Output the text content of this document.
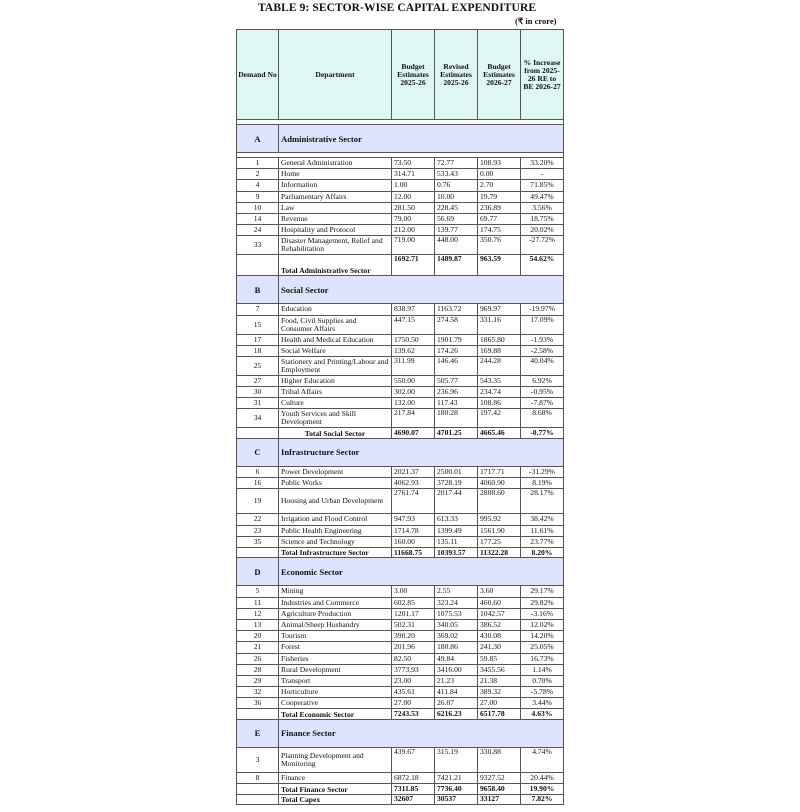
TABLE 9: SECTOR-WISE CAPITAL EXPENDITURE
(₹ in crore)
Demand No	Department	Budget Estimates 2025-26	Revised Estimates 2025-26	Budget Estimates 2026-27	% Increase from 2025-26 RE to BE 2026-27

A	Administrative Sector				

1	General Administration	73.50	72.77	108.93	33.20%
2	Home	314.71	533.43	0.00	-
4	Information	1.00	0.76	2.70	71.85%
9	Parliamentary Affairs	12.00	10.00	19.79	49.47%
10	Law	281.50	228.45	236.89	3.56%
14	Revenue	79.00	56.69	69.77	18.75%
24	Hospitality and Protocol	212.00	139.77	174.75	20.02%
33	Disaster Management, Relief and Rehabilitation	719.00	448.00	350.76	-27.72%
	Total Administrative Sector	1692.71	1489.87	963.59	54.62%
B	Social Sector				
7	Education	838.97	1163.72	969.97	-19.97%
15	Food, Civil Supplies and Consumer Affairs	447.15	274.58	331.16	17.09%
17	Health and Medical Education	1750.50	1901.79	1865.80	-1.93%
18	Social Welfare	139.62	174.26	169.88	-2.58%
25	Stationery and Printing/Labour and Employment	311.99	146.46	244.28	40.04%
27	Higher Education	550.00	505.77	543.35	6.92%
30	Tribal Affairs	302.00	236.96	234.74	-0.95%
31	Culture	132.00	117.43	108.86	-7.87%
34	Youth Services and Skill Development	217.84	180.28	197.42	8.68%
	Total Social Sector	4690.07	4701.25	4665.46	-0.77%
C	Infrastructure Sector				
6	Power Development	2021.37	2500.01	1717.71	-31.29%
16	Public Works	4062.93	3728.19	4060.90	8.19%
19	Housing and Urban Development	2761.74	2017.44	2808.60	28.17%
22	Irrigation and Flood Control	947.93	613.33	995.92	38.42%
23	Public Health Engineering	1714.78	1399.49	1561.90	11.61%
35	Science and Technology	160.00	135.11	177.25	23.77%
	Total Infrastructure Sector	11668.75	10393.57	11322.28	8.20%
D	Economic Sector				
5	Mining	3.00	2.55	3.60	29.17%
11	Industries and Commerce	602.85	323.24	460.60	29.82%
12	Agriculture Production	1201.17	1075.53	1042.57	-3.16%
13	Animal/Sheep Husbandry	502.31	340.05	386.52	12.02%
20	Tourism	390.20	369.02	430.08	14.20%
21	Forest	201.96	180.86	241.30	25.05%
26	Fisheries	82.50	49.84	59.85	16.73%
28	Rural Development	3773.93	3416.00	3455.56	1.14%
29	Transport	23.00	21.23	21.38	0.70%
32	Horticulture	435.61	411.84	389.32	-5.78%
36	Cooperative	27.00	26.07	27.00	3.44%
	Total Economic Sector	7243.53	6216.23	6517.78	4.63%
E	Finance Sector				
3	Planning Development and Monitoring	439.67	315.19	330.88	4.74%
8	Finance	6872.18	7421.21	9327.52	20.44%
	Total Finance Sector	7311.85	7736.40	9658.40	19.90%
	Total Capex	32607	30537	33127	7.82%
